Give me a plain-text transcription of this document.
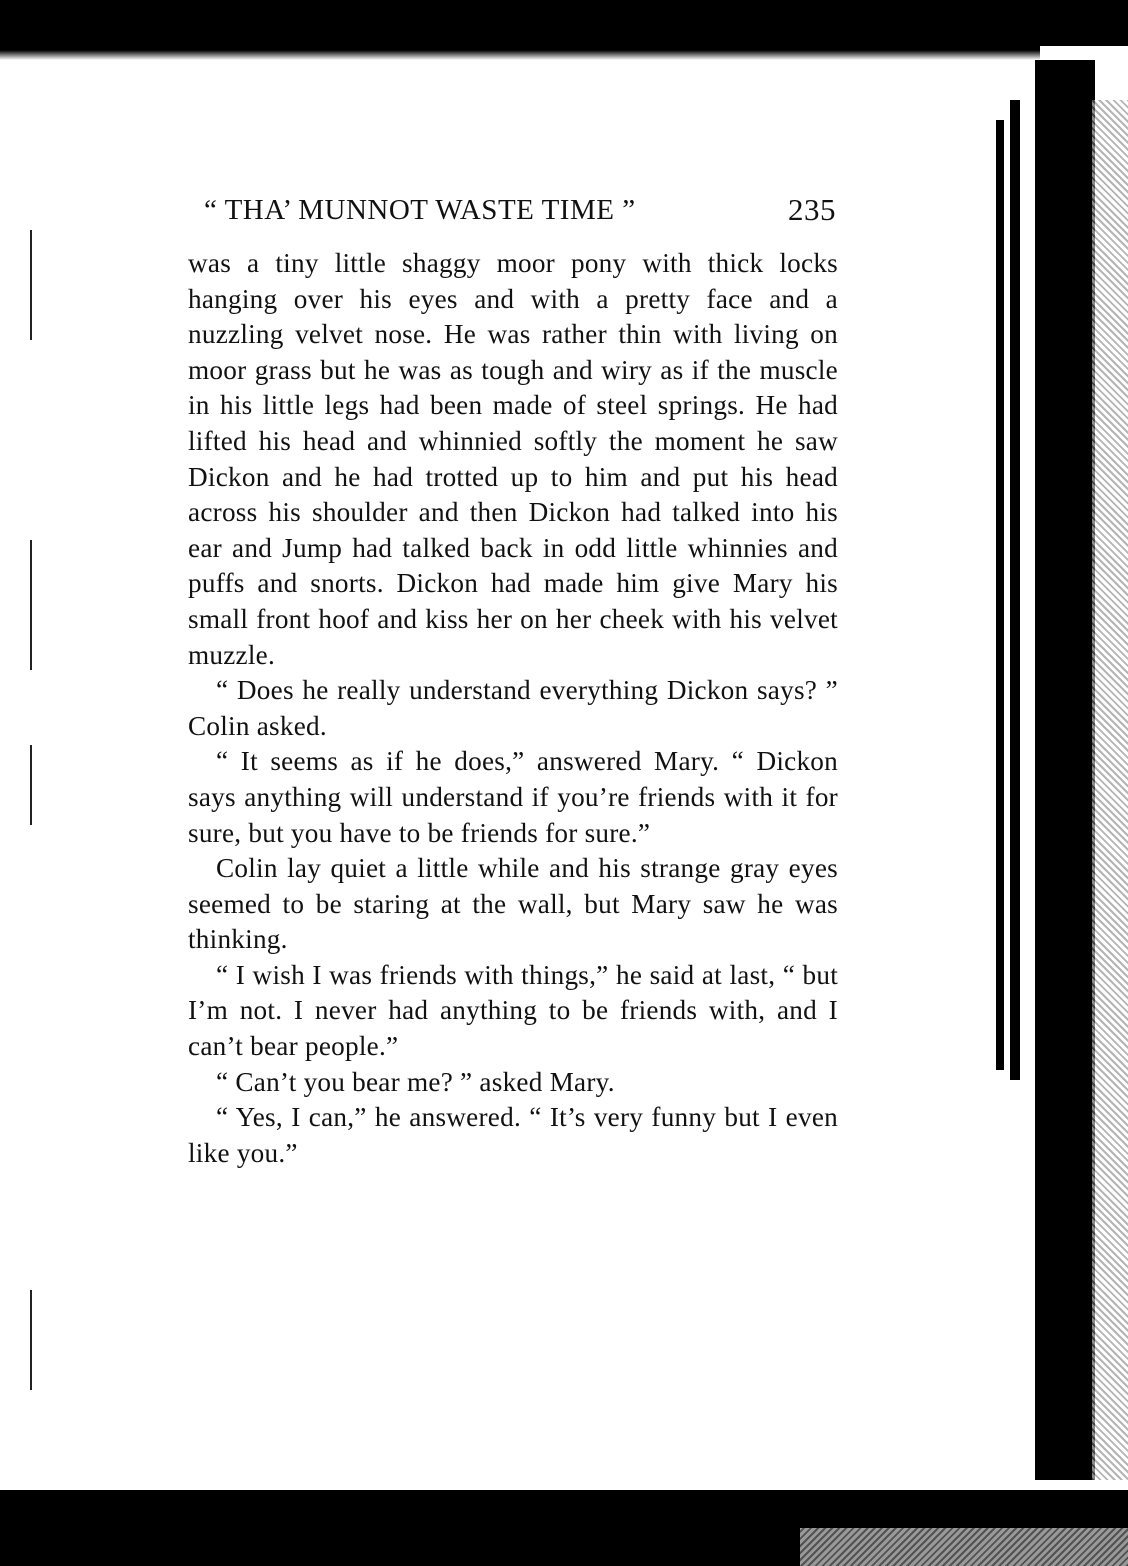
“ THA’ MUNNOT WASTE TIME ”	235

was a tiny little shaggy moor pony with thick locks hanging over his eyes and with a pretty face and a nuzzling velvet nose. He was rather thin with living on moor grass but he was as tough and wiry as if the muscle in his little legs had been made of steel springs. He had lifted his head and whinnied softly the moment he saw Dickon and he had trotted up to him and put his head across his shoulder and then Dickon had talked into his ear and Jump had talked back in odd little whinnies and puffs and snorts. Dickon had made him give Mary his small front hoof and kiss her on her cheek with his velvet muzzle.

“ Does he really understand everything Dickon says? ” Colin asked.

“ It seems as if he does,” answered Mary. “ Dickon says anything will understand if you’re friends with it for sure, but you have to be friends for sure.”

Colin lay quiet a little while and his strange gray eyes seemed to be staring at the wall, but Mary saw he was thinking.

“ I wish I was friends with things,” he said at last, “ but I’m not. I never had anything to be friends with, and I can’t bear people.”

“ Can’t you bear me? ” asked Mary.

“ Yes, I can,” he answered. “ It’s very funny but I even like you.”
